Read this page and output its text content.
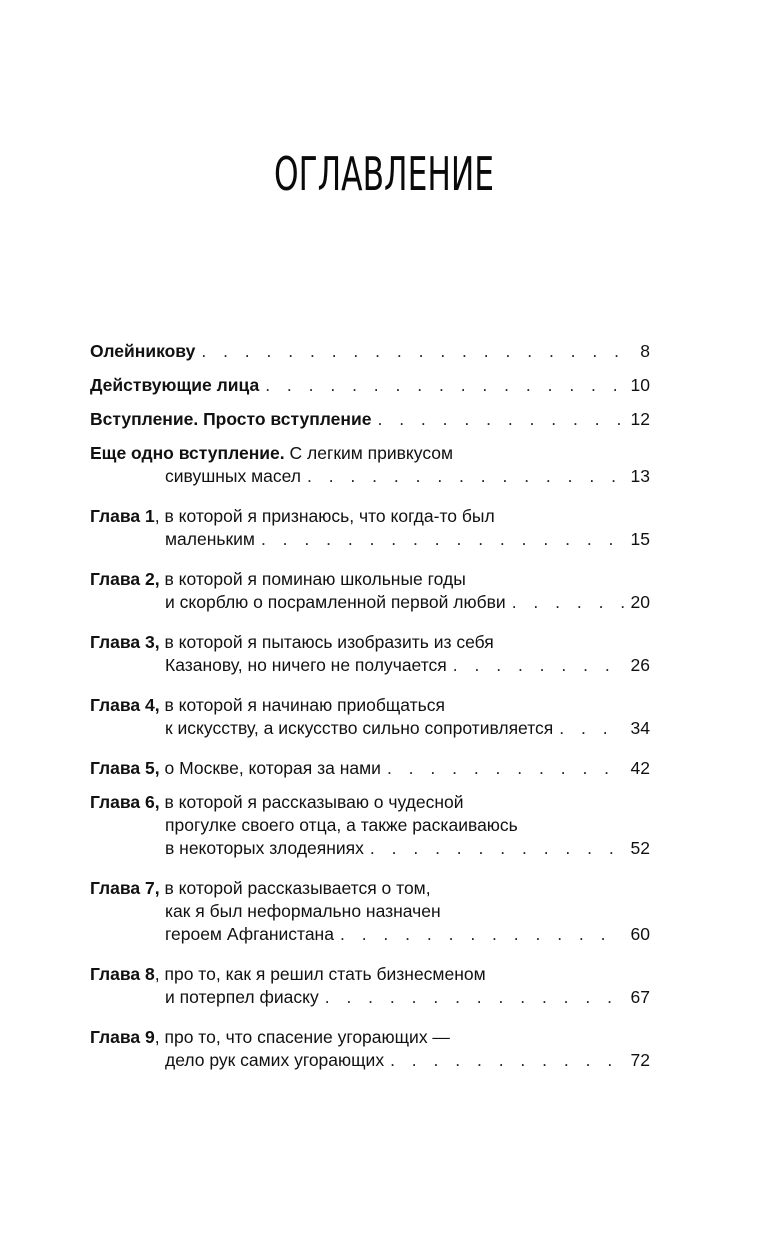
ОГЛАВЛЕНИЕ
Олейникову . . .	8
Действующие лица . . .	10
Вступление. Просто вступление . . .	12
Еще одно вступление. С легким привкусом
сивушных масел . . .	13
Глава 1, в которой я признаюсь, что когда-то был
маленьким . . .	15
Глава 2, в которой я поминаю школьные годы
и скорблю о посрамленной первой любви . . .	20
Глава 3, в которой я пытаюсь изобразить из себя
Казанову, но ничего не получается . . .	26
Глава 4, в которой я начинаю приобщаться
к искусству, а искусство сильно сопротивляется . . .	34
Глава 5, о Москве, которая за нами . . .	42
Глава 6, в которой я рассказываю о чудесной
прогулке своего отца, а также раскаиваюсь
в некоторых злодеяниях . . .	52
Глава 7, в которой рассказывается о том,
как я был неформально назначен
героем Афганистана . . .	60
Глава 8, про то, как я решил стать бизнесменом
и потерпел фиаску . . .	67
Глава 9, про то, что спасение угорающих —
дело рук самих угорающих . . .	72
